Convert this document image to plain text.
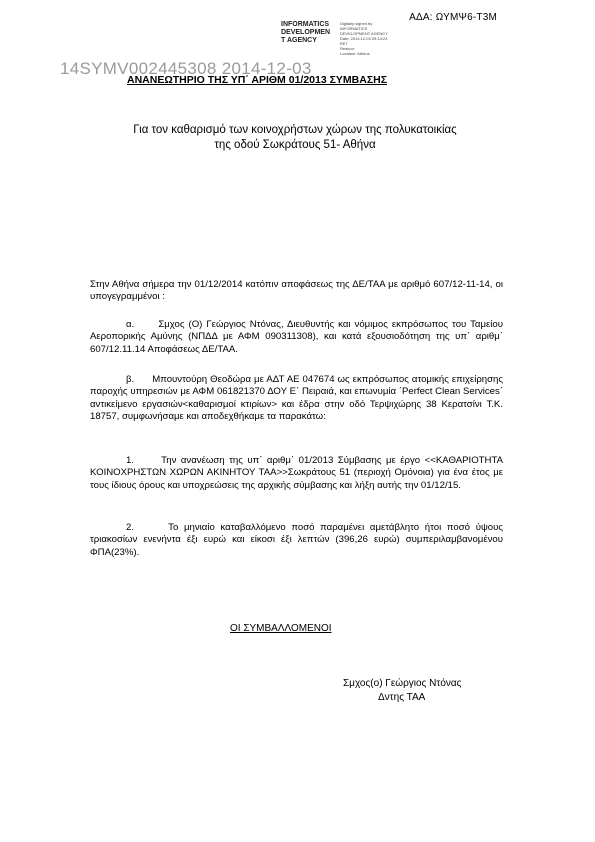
ΑΔΑ: ΩΥΜΨ6-Τ3Μ
INFORMATICS
DEVELOPMEN
T AGENCY
Digitally signed by
INFORMATICS
DEVELOPMENT AGENCY
Date: 2014.12.03 09:14:23
EET
Reason:
Location: Athens
14SYMV002445308 2014-12-03
ΑΝΑΝΕΩΤΗΡΙΟ ΤΗΣ ΥΠ΄ ΑΡΙΘΜ 01/2013 ΣΥΜΒΑΣΗΣ
Για τον καθαρισμό των κοινοχρήστων χώρων της πολυκατοικίας
της οδού Σωκράτους 51- Αθήνα
Στην Αθήνα σήμερα την 01/12/2014 κατόπιν αποφάσεως της ΔΕ/ΤΑΑ με αριθμό 607/12-11-14, οι υπογεγραμμένοι :
α.	Σμχος (Ο) Γεώργιος Ντόνας, Διευθυντής και νόμιμος εκπρόσωπος του Ταμείου Αεροπορικής Αμύνης (ΝΠΔΔ με ΑΦΜ 090311308), και κατά εξουσιοδότηση της υπ΄ αριθμ΄ 607/12.11.14 Αποφάσεως ΔΕ/ΤΑΑ.
β. Μπουντούρη Θεοδώρα με ΑΔΤ ΑΕ 047674 ως εκπρόσωπος ατομικής επιχείρησης παροχής υπηρεσιών με ΑΦΜ 061821370 ΔΟΥ Ε΄ Πειραιά, και επωνυμία ΄Perfect Clean Services΄ αντικείμενο εργασιών<καθαρισμοί κτιρίων> και έδρα στην οδό Τερψιχώρης 38 Κερατσίνι Τ.Κ. 18757, συμφωνήσαμε και αποδεχθήκαμε τα παρακάτω:
1.	Την ανανέωση της υπ΄ αριθμ΄ 01/2013 Σύμβασης με έργο <<ΚΑΘΑΡΙΟΤΗΤΑ ΚΟΙΝΟΧΡΗΣΤΩΝ ΧΩΡΩΝ ΑΚΙΝΗΤΟΥ ΤΑΑ>>Σωκράτους 51 (περιοχή Ομόνοια) για ένα έτος με τους ίδιους όρους και υποχρεώσεις της αρχικής σύμβασης και λήξη αυτής την 01/12/15.
2.	Το μηνιαίο καταβαλλόμενο ποσό παραμένει αμετάβλητο ήτοι ποσό ύψους τριακοσίων ενενήντα έξι ευρώ και είκοσι έξι λεπτών (396,26 ευρώ) συμπεριλαμβανομένου ΦΠΑ(23%).
ΟΙ ΣΥΜΒΑΛΛΟΜΕΝΟΙ
Σμχος(ο) Γεώργιος Ντόνας
Δντης ΤΑΑ
